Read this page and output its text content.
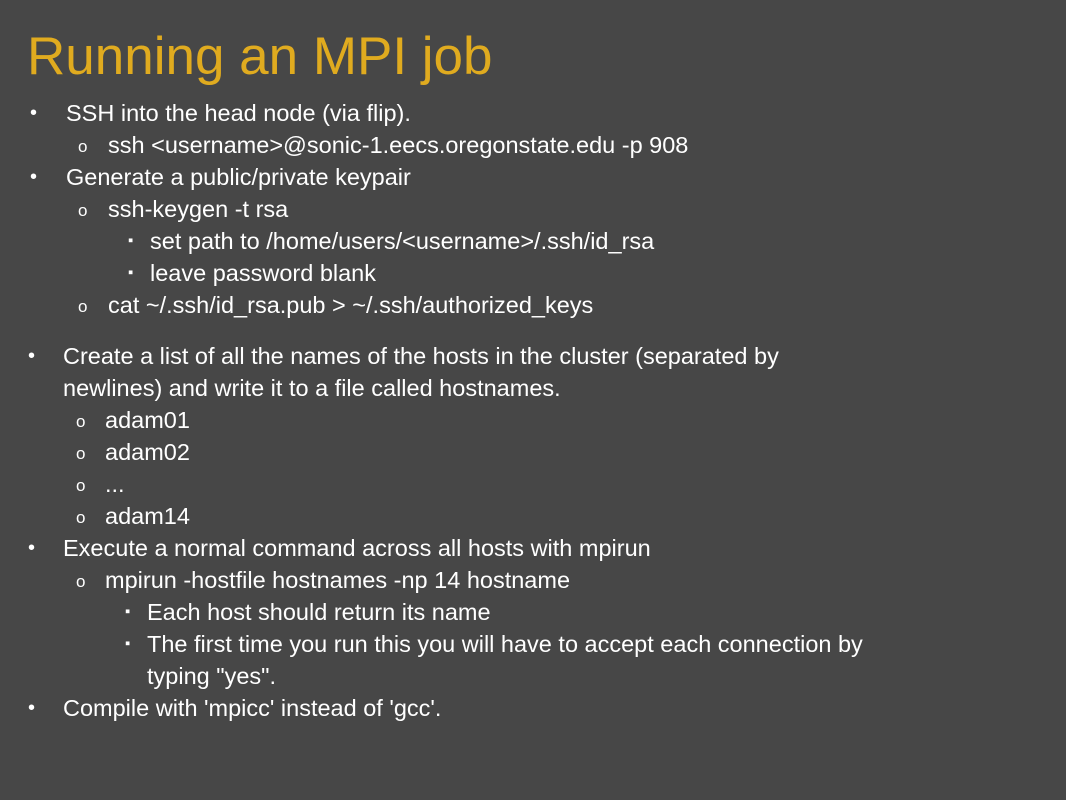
Running an MPI job
• SSH into the head node (via flip).
o ssh <username>@sonic-1.eecs.oregonstate.edu -p 908
• Generate a public/private keypair
o ssh-keygen -t rsa
▪ set path to /home/users/<username>/.ssh/id_rsa
▪ leave password blank
o cat ~/.ssh/id_rsa.pub > ~/.ssh/authorized_keys
• Create a list of all the names of the hosts in the cluster (separated by
newlines) and write it to a file called hostnames.
o adam01
o adam02
o ...
o adam14
• Execute a normal command across all hosts with mpirun
o mpirun -hostfile hostnames -np 14 hostname
▪ Each host should return its name
▪ The first time you run this you will have to accept each connection by
typing "yes".
• Compile with 'mpicc' instead of 'gcc'.
